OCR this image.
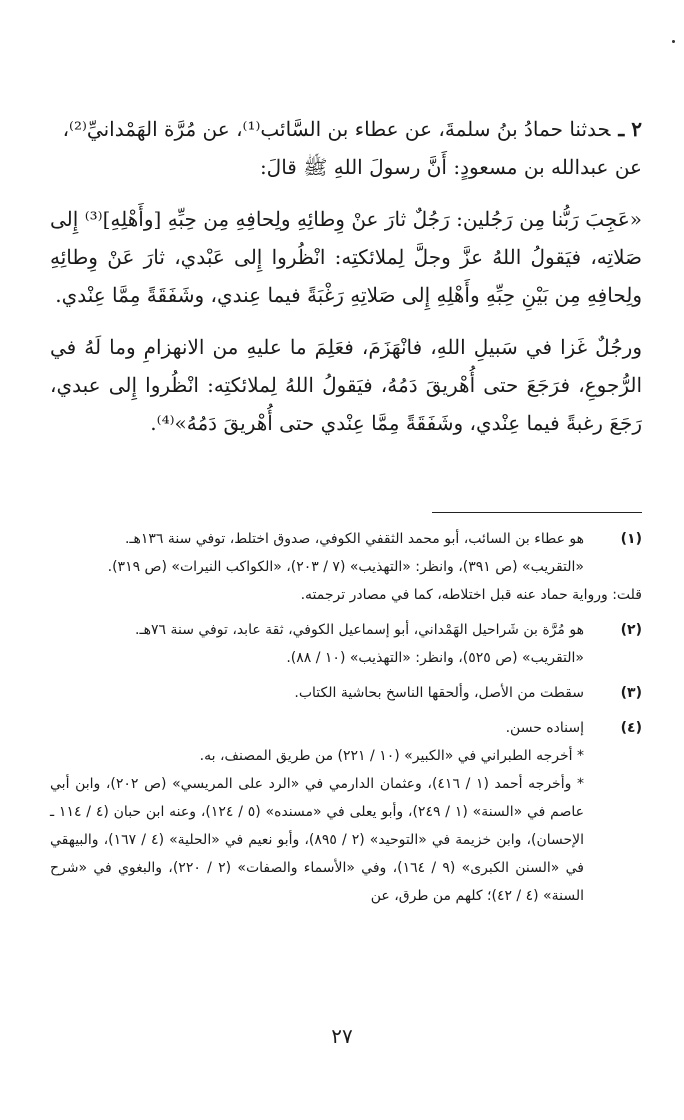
٢ ـحدثنا حمادُ بنُ سلمةَ، عن عطاء بن السَّائب⁽¹⁾، عن مُرَّة الهَمْدانيِّ⁽²⁾،

عن عبدالله بن مسعودٍ: أَنَّ رسولَ اللهِ ﷺ قالَ:

«عَجِبَ رَبُّنا مِن رَجُلين: رَجُلٌ ثارَ عنْ وِطائِهِ ولِحافِهِ مِن حِبِّهِ [وأَهْلِهِ]⁽³⁾ إِلى صَلاتِه، فيَقولُ اللهُ عزَّ وجلَّ لِملائكتِه: انْظُروا إِلى عَبْدي، ثارَ عَنْ وِطائِهِ ولِحافِهِ مِن بَيْنِ حِبِّهِ وأَهْلِهِ إِلى صَلاتِهِ رَغْبَةً فيما عِندي، وشَفَقَةً مِمَّا عِنْدي.

ورجُلٌ غَزا في سَبيلِ اللهِ، فانْهَزَمَ، فعَلِمَ ما عليهِ من الانهزامِ وما لَهُ في الرُّجوعِ، فرَجَعَ حتى أُهْريقَ دَمُهُ، فيَقولُ اللهُ لِملائكتِه: انْظُروا إِلى عبدي، رَجَعَ رغبةً فيما عِنْدي، وشَفَقَةً مِمَّا عِنْدي حتى أُهْريقَ دَمُهُ»⁽⁴⁾.

(١)
هو عطاء بن السائب، أبو محمد الثقفي الكوفي، صدوق اختلط، توفي سنة ١٣٦هـ.
«التقريب» (ص ٣٩١)، وانظر: «التهذيب» (٧ / ٢٠٣)، «الكواكب النيرات» (ص ٣١٩).
قلت: ورواية حماد عنه قبل اختلاطه، كما في مصادر ترجمته.
(٢)
هو مُرَّة بن شَراحيل الهَمْداني، أبو إسماعيل الكوفي، ثقة عابد، توفي سنة ٧٦هـ.
«التقريب» (ص ٥٢٥)، وانظر: «التهذيب» (١٠ / ٨٨).
(٣)
سقطت من الأصل، وألحقها الناسخ بحاشية الكتاب.
(٤)
إسناده حسن.
* أخرجه الطبراني في «الكبير» (١٠ / ٢٢١) من طريق المصنف، به.
* وأخرجه أحمد (١ / ٤١٦)، وعثمان الدارمي في «الرد على المريسي» (ص ٢٠٢)، وابن أبي عاصم في «السنة» (١ / ٢٤٩)، وأبو يعلى في «مسنده» (٥ / ١٢٤)، وعنه ابن حبان (٤ / ١١٤ ـ الإحسان)، وابن خزيمة في «التوحيد» (٢ / ٨٩٥)، وأبو نعيم في «الحلية» (٤ / ١٦٧)، والبيهقي في «السنن الكبرى» (٩ / ١٦٤)، وفي «الأسماء والصفات» (٢ / ٢٢٠)، والبغوي في «شرح السنة» (٤ / ٤٢)؛ كلهم من طرق، عن
٢٧
